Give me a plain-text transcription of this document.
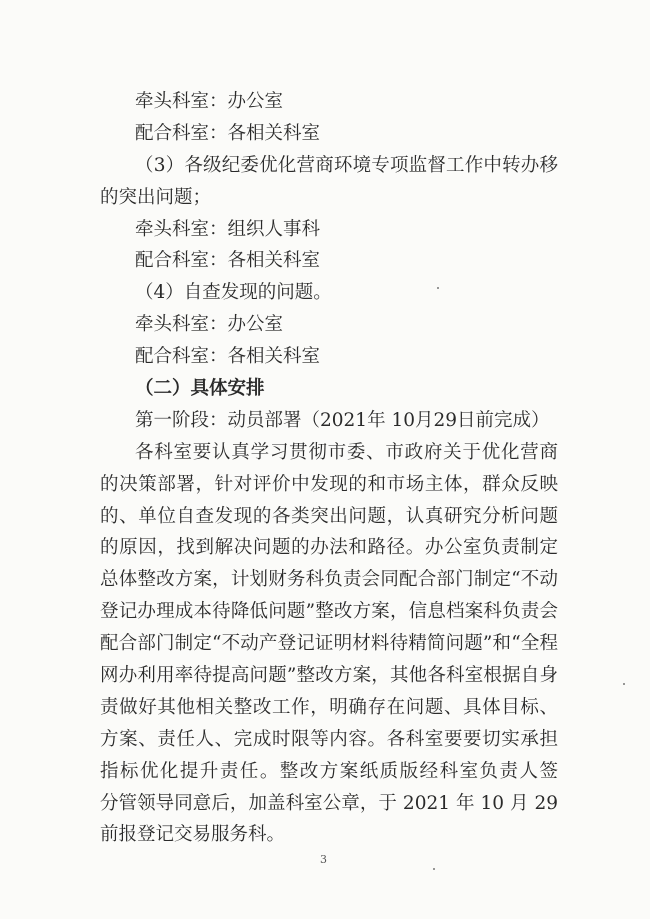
牵头科室：办公室
配合科室：各相关科室
（3）各级纪委优化营商环境专项监督工作中转办移
的突出问题；
牵头科室：组织人事科
配合科室：各相关科室
（4）自查发现的问题。
牵头科室：办公室
配合科室：各相关科室
（二）具体安排
第一阶段：动员部署（2021年 10月29日前完成）
各科室要认真学习贯彻市委、市政府关于优化营商
的决策部署，针对评价中发现的和市场主体，群众反映
的、单位自查发现的各类突出问题，认真研究分析问题
的原因，找到解决问题的办法和路径。办公室负责制定
总体整改方案，计划财务科负责会同配合部门制定“不动
登记办理成本待降低问题”整改方案，信息档案科负责会
配合部门制定“不动产登记证明材料待精简问题”和“全程
网办利用率待提高问题”整改方案，其他各科室根据自身
责做好其他相关整改工作，明确存在问题、具体目标、
方案、责任人、完成时限等内容。各科室要要切实承担
指标优化提升责任。整改方案纸质版经科室负责人签
分管领导同意后，加盖科室公章，于 2021 年 10 月 29
前报登记交易服务科。
3
